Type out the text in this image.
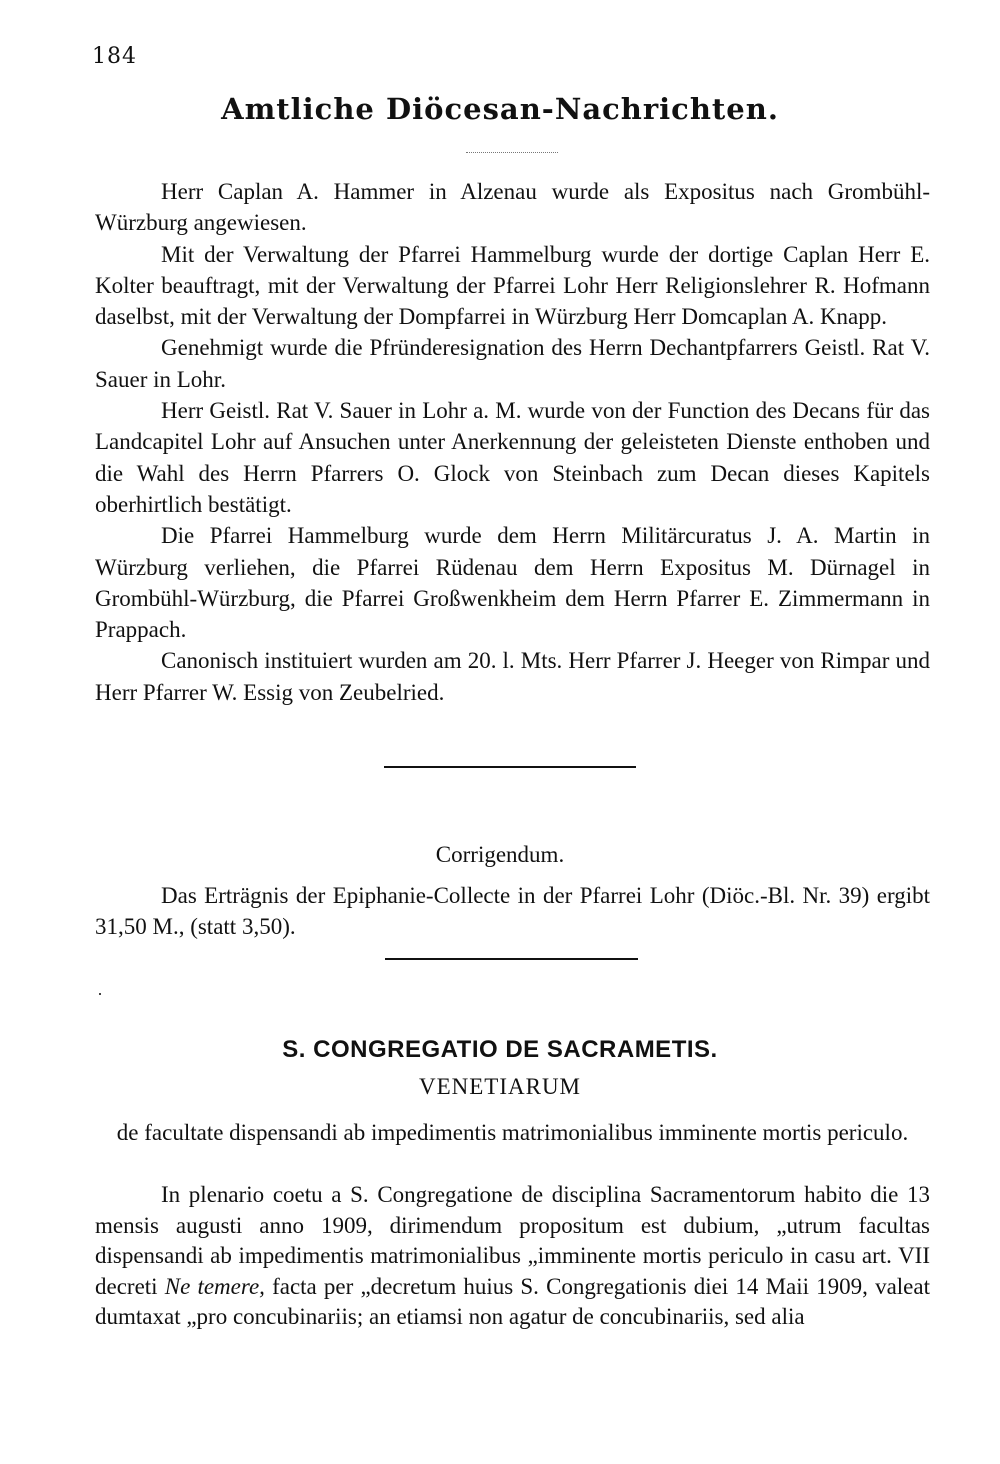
184
Amtliche Diöcesan-Nachrichten.

Herr Caplan A. Hammer in Alzenau wurde als Expositus nach Grombühl-Würzburg angewiesen.

Mit der Verwaltung der Pfarrei Hammelburg wurde der dortige Caplan Herr E. Kolter beauftragt, mit der Verwaltung der Pfarrei Lohr Herr Religionslehrer R. Hofmann daselbst, mit der Verwaltung der Dompfarrei in Würzburg Herr Domcaplan A. Knapp.

Genehmigt wurde die Pfründeresignation des Herrn Dechantpfarrers Geistl. Rat V. Sauer in Lohr.

Herr Geistl. Rat V. Sauer in Lohr a. M. wurde von der Function des Decans für das Landcapitel Lohr auf Ansuchen unter Anerkennung der geleisteten Dienste enthoben und die Wahl des Herrn Pfarrers O. Glock von Steinbach zum Decan dieses Kapitels oberhirtlich bestätigt.

Die Pfarrei Hammelburg wurde dem Herrn Militärcuratus J. A. Martin in Würzburg verliehen, die Pfarrei Rüdenau dem Herrn Expositus M. Dürnagel in Grombühl-Würzburg, die Pfarrei Großwenkheim dem Herrn Pfarrer E. Zimmermann in Prappach.

Canonisch instituiert wurden am 20. l. Mts. Herr Pfarrer J. Heeger von Rimpar und Herr Pfarrer W. Essig von Zeubelried.

Corrigendum.

Das Erträgnis der Epiphanie-Collecte in der Pfarrei Lohr (Diöc.-Bl. Nr. 39) ergibt 31,50 M., (statt 3,50).

S. CONGREGATIO DE SACRAMETIS.
VENETIARUM
de facultate dispensandi ab impedimentis matrimonialibus imminente mortis periculo.

In plenario coetu a S. Congregatione de disciplina Sacramentorum habito die 13 mensis augusti anno 1909, dirimendum propositum est dubium, „utrum facultas dispensandi ab impedimentis matrimonialibus „imminente mortis periculo in casu art. VII decreti Ne temere, facta per „decretum huius S. Congregationis diei 14 Maii 1909, valeat dumtaxat „pro concubinariis; an etiamsi non agatur de concubinariis, sed alia
